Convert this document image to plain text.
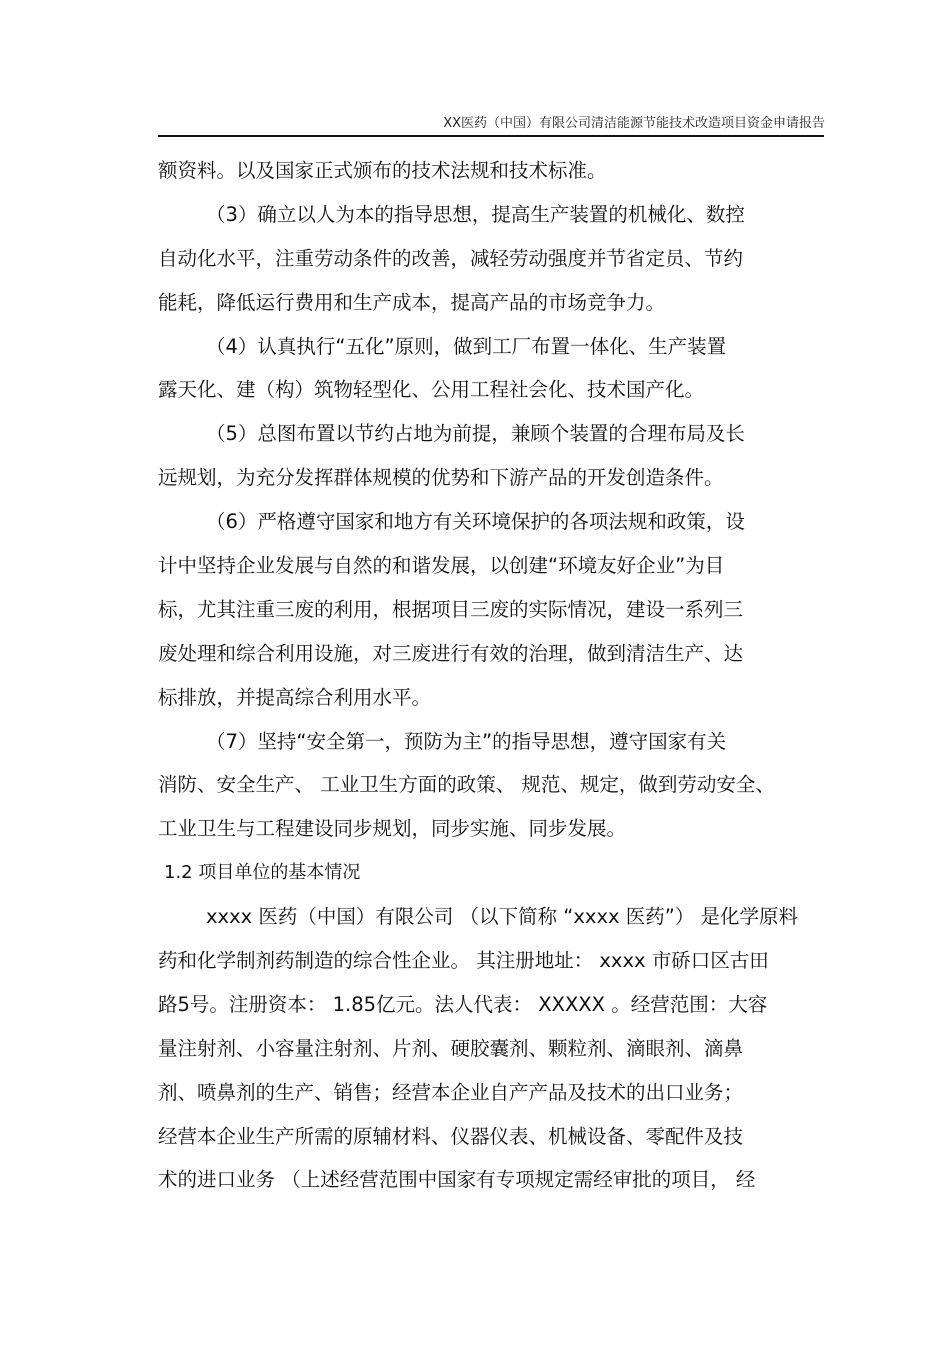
XX医药（中国）有限公司清洁能源节能技术改造项目资金申请报告
额资料。以及国家正式颁布的技术法规和技术标准。
（3）确立以人为本的指导思想，提高生产装置的机械化、数控
自动化水平，注重劳动条件的改善，减轻劳动强度并节省定员、节约
能耗，降低运行费用和生产成本，提高产品的市场竞争力。
（4）认真执行“五化”原则，做到工厂布置一体化、生产装置
露天化、建（构）筑物轻型化、公用工程社会化、技术国产化。
（5）总图布置以节约占地为前提，兼顾个装置的合理布局及长
远规划，为充分发挥群体规模的优势和下游产品的开发创造条件。
（6）严格遵守国家和地方有关环境保护的各项法规和政策，设
计中坚持企业发展与自然的和谐发展，以创建“环境友好企业”为目
标，尤其注重三废的利用，根据项目三废的实际情况，建设一系列三
废处理和综合利用设施，对三废进行有效的治理，做到清洁生产、达
标排放，并提高综合利用水平。
（7）坚持“安全第一，预防为主”的指导思想，遵守国家有关
消防、安全生产、 工业卫生方面的政策、 规范、规定，做到劳动安全、
工业卫生与工程建设同步规划，同步实施、同步发展。
1.2 项目单位的基本情况
xxxx 医药（中国）有限公司 （以下简称 “xxxx 医药”） 是化学原料
药和化学制剂药制造的综合性企业。 其注册地址： xxxx 市硚口区古田
路5号。注册资本： 1.85亿元。法人代表： XXXXX 。经营范围：大容
量注射剂、小容量注射剂、片剂、硬胶囊剂、颗粒剂、滴眼剂、滴鼻
剂、喷鼻剂的生产、销售；经营本企业自产产品及技术的出口业务；
经营本企业生产所需的原辅材料、仪器仪表、机械设备、零配件及技
术的进口业务 （上述经营范围中国家有专项规定需经审批的项目， 经
